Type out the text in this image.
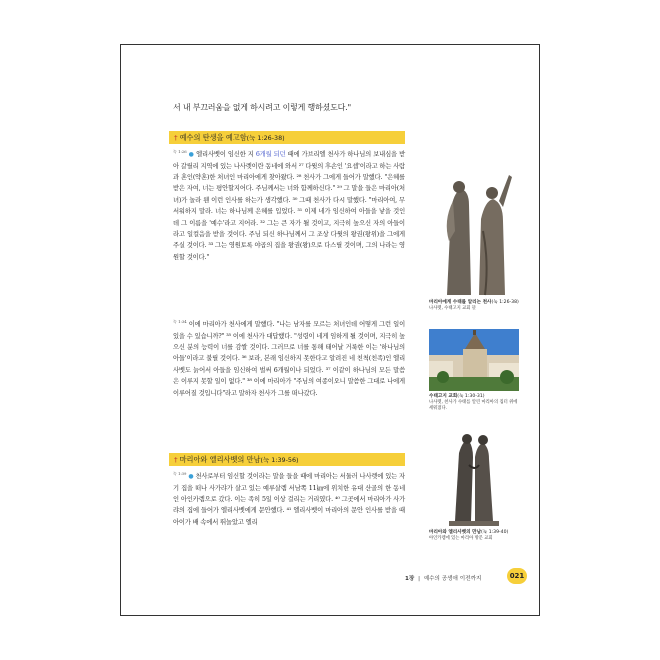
서 내 부끄러움을 없게 하시려고 이렇게 행하셨도다."
† 예수의 탄생을 예고함(눅 1:26-38)

$^{눅 1:26}$ ● 엘리사벳이 임신한 지 6개월 되던 때에 가브리엘 천사가 하나님의 보내심을 받아 갈릴리 지역에 있는 나사렛이란 동네에 와서 ²⁷ 다윗의 후손인 '요셉'이라고 하는 사람과 혼인(약혼)한 처녀인 마리아에게 찾아왔다. ²⁸ 천사가 그에게 들어가 말했다. "은혜를 받은 자여, 너는 평안할지어다. 주님께서는 너와 함께하신다." ²⁹ 그 말을 들은 마리아(처녀)가 놀라 웬 이런 인사를 하는가 생각했다. ³⁰ 그때 천사가 다시 말했다. "마리아여, 무서워하지 말라. 너는 하나님께 은혜를 입었다. ³¹ 이제 네가 임신하여 아들을 낳을 것인데 그 이름을 '예수'라고 지어라. ³² 그는 큰 자가 될 것이고, 지극히 높으신 자의 아들이라고 일컬음을 받을 것이다. 주님 되신 하나님께서 그 조상 다윗의 왕권(왕위)을 그에게 주실 것이다. ³³ 그는 영원토록 야곱의 집을 왕권(왕)으로 다스릴 것이며, 그의 나라는 영원할 것이다."

$^{눅 1:34}$ 이에 마리아가 천사에게 말했다. "나는 남자를 모르는 처녀인데 어떻게 그런 일이 있을 수 있습니까?" ³⁵ 이에 천사가 대답했다. "성령이 네게 임하게 될 것이며, 지극히 높으신 분의 능력이 너를 감쌀 것이다. 그러므로 너를 통해 태어날 거룩한 이는 '하나님의 아들'이라고 불릴 것이다. ³⁶ 보라, 본래 임신하지 못한다고 알려진 네 친척(친족)인 엘리사벳도 늙어서 아들을 임신하여 벌써 6개월이나 되었다. ³⁷ 이같이 하나님의 모든 말씀은 이루지 못할 일이 없다." ³⁸ 이에 마리아가 "주님의 여종이오니 말씀한 그대로 나에게 이루어질 것입니다"라고 말하자 천사가 그를 떠나갔다.

† 마리아와 엘리사벳의 만남(눅 1:39-56)

$^{눅 1:39}$ ● 천사로부터 임신할 것이라는 말을 들을 때에 마리아는 서둘러 나사렛에 있는 자기 집을 떠나 사가랴가 살고 있는 예루살렘 서남쪽 11㎞에 위치한 유대 산골의 한 동네인 아인카렘으로 갔다. 이는 족히 5일 이상 걸리는 거리였다. ⁴⁰ 그곳에서 마리아가 사가랴의 집에 들어가 엘리사벳에게 문안했다. ⁴¹ 엘리사벳이 마리아의 문안 인사를 받을 때 아이가 배 속에서 뛰놀았고 엘리

마리아에게 수태를 알리는 천사(눅 1:26-38)
나사렛, 수태고지 교회 뜰
수태고지 교회(눅 1:30-31)
나사렛, 천사가 수태를 알린 마리아의 집터 위에 세워졌다.
마리아와 엘리사벳의 만남(눅 1:39-40)
아인카렘에 있는 마리아 방문 교회
1장 | 예수의 공생애 이전까지	021
